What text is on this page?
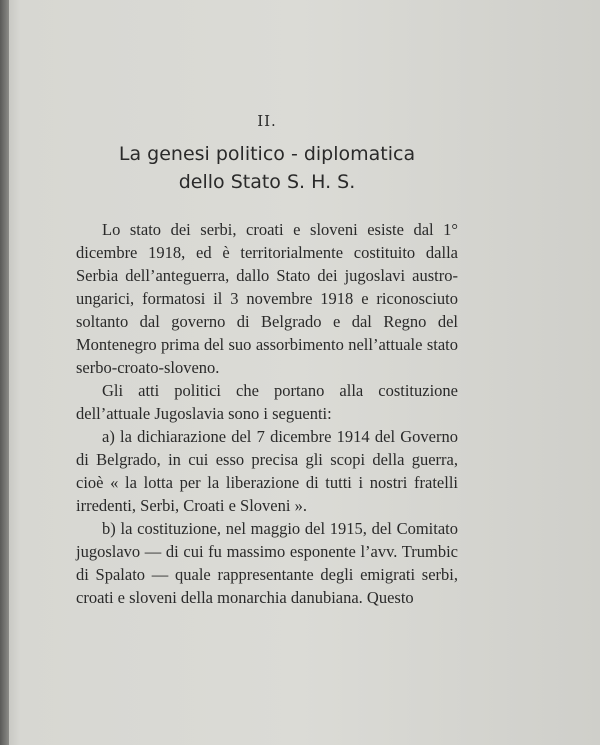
II.
La genesi politico - diplomatica
dello Stato S. H. S.

Lo stato dei serbi, croati e sloveni esiste dal 1° dicembre 1918, ed è territorialmente costituito dalla Serbia dell’anteguerra, dallo Stato dei jugoslavi austro-ungarici, formatosi il 3 novembre 1918 e riconosciuto soltanto dal governo di Belgrado e dal Regno del Montenegro prima del suo assorbimento nell’attuale stato serbo-croato-sloveno.

Gli atti politici che portano alla costituzione dell’attuale Jugoslavia sono i seguenti:

a) la dichiarazione del 7 dicembre 1914 del Governo di Belgrado, in cui esso precisa gli scopi della guerra, cioè « la lotta per la liberazione di tutti i nostri fratelli irredenti, Serbi, Croati e Sloveni ».

b) la costituzione, nel maggio del 1915, del Comitato jugoslavo — di cui fu massimo esponente l’avv. Trumbic di Spalato — quale rappresentante degli emigrati serbi, croati e sloveni della monarchia danubiana. Questo
